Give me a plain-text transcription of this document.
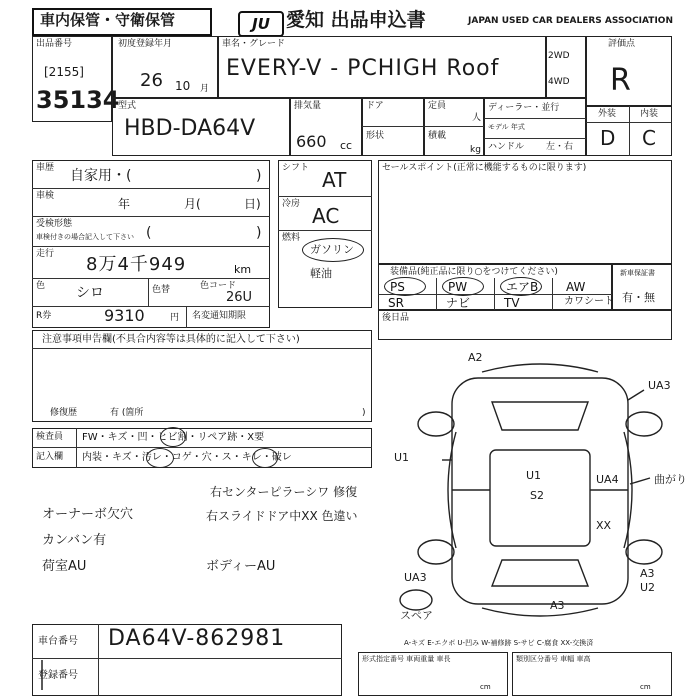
車内保管・守衛保管	JU 愛知 出品申込書	JAPAN USED CAR DEALERS ASSOCIATION
出品番号
[2155]
35134
初度登録年月
26 10 月
車名・グレード
EVERY-V - PCHIGH Roof	2WD
4WD
評価点
R
型式
HBD-DA64V
排気量
660 cc
ドア
形状
定員
人
積載
kg
ディーラー・並行
モデル 年式
ハンドル 左・右
外装	内装
D C
車歴 自家用・(	)
車検
年	月(	日)
受検形態
車検付きの場合記入して下さい (	)
走行 8万4千949	km
色 シロ	色替	色コード
26U
R券	9310	円 名変通知期限
シフト AT
冷房 AC
燃料
ガソリン
軽油
セールスポイント(正常に機能するものに限ります)
装備品(純正品に限り○をつけてください)
PS	PW	エアB AW
SR	ナビ	TV	カワシート
新車保証書
有・無
後日品
注意事項申告欄(不具合内容等は具体的に記入して下さい)
修復歴	有 (箇所	)
検査員
記入欄
FW・キズ・凹・ヒビ割・リペア跡・X要
内装・キズ・汚レ・コゲ・穴・ス・キレ・破レ
オーナーボ欠穴
右センターピラーシワ 修復
右スライドドア中XX 色違い
カンバン有
荷室AU	ボディーAU
A2
UA3
U1
U1
S2
UA4	曲がり
XX
UA3	A3
U2
A3
スペア
A-キズ E-エクボ U-凹み W-補修跡 S-サビ C-腐食 XX-交換済
車台番号 DA64V-862981
登録番号
形式指定番号 車両重量 車長
cm
類別区分番号 車幅 車高
cm
